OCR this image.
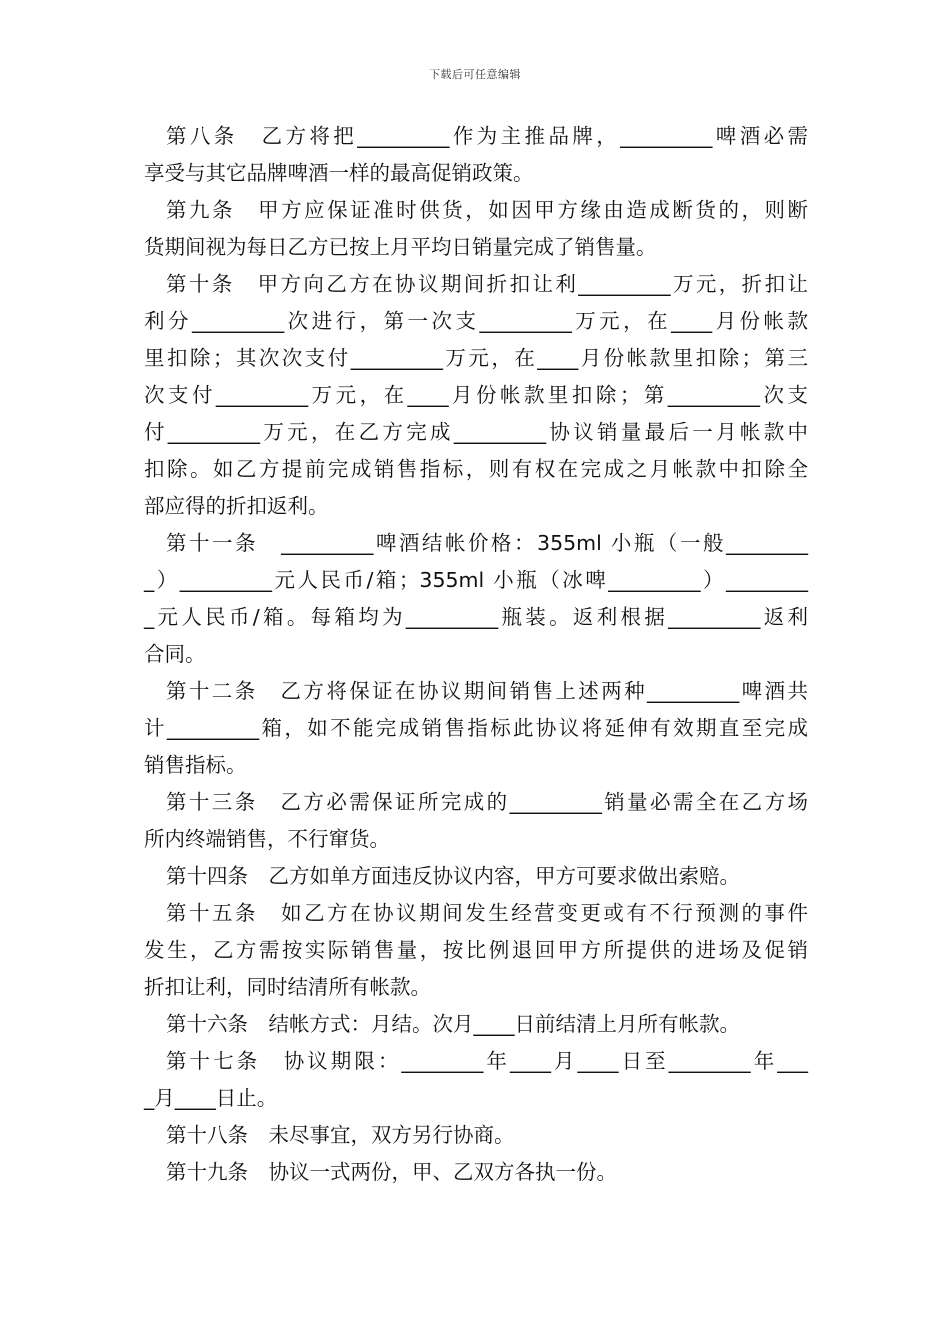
下载后可任意编辑
第八条　乙方将把_________作为主推品牌，_________啤酒必需
享受与其它品牌啤酒一样的最高促销政策。
第九条　甲方应保证准时供货，如因甲方缘由造成断货的，则断
货期间视为每日乙方已按上月平均日销量完成了销售量。
第十条　甲方向乙方在协议期间折扣让利_________万元，折扣让
利分_________次进行，第一次支_________万元，在____月份帐款
里扣除；其次次支付_________万元，在____月份帐款里扣除；第三
次支付_________万元，在____月份帐款里扣除；第_________次支
付_________万元，在乙方完成_________协议销量最后一月帐款中
扣除。如乙方提前完成销售指标，则有权在完成之月帐款中扣除全
部应得的折扣返利。
第十一条　_________啤酒结帐价格：355ml 小瓶（一般________
_）_________元人民币/箱；355ml 小瓶（冰啤_________）________
_元人民币/箱。每箱均为_________瓶装。返利根据_________返利
合同。
第十二条　乙方将保证在协议期间销售上述两种_________啤酒共
计_________箱，如不能完成销售指标此协议将延伸有效期直至完成
销售指标。
第十三条　乙方必需保证所完成的_________销量必需全在乙方场
所内终端销售，不行窜货。
第十四条　乙方如单方面违反协议内容，甲方可要求做出索赔。
第十五条　如乙方在协议期间发生经营变更或有不行预测的事件
发生，乙方需按实际销售量，按比例退回甲方所提供的进场及促销
折扣让利，同时结清所有帐款。
第十六条　结帐方式：月结。次月____日前结清上月所有帐款。
第十七条　协议期限：________年____月____日至________年___
_月____日止。
第十八条　未尽事宜，双方另行协商。
第十九条　协议一式两份，甲、乙双方各执一份。
